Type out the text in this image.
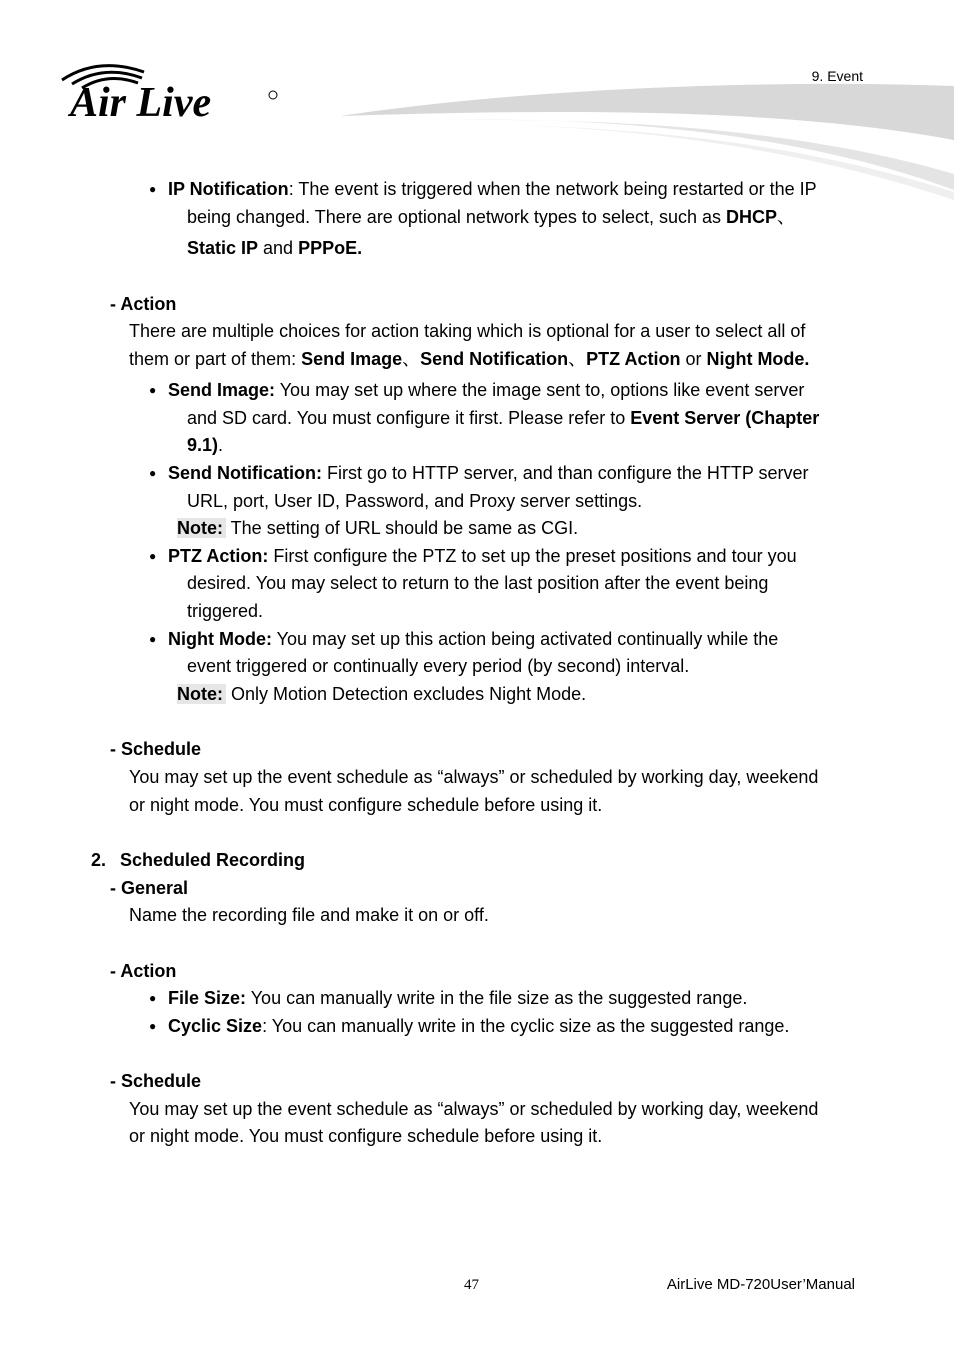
Air Live
9. Event
● IP Notification: The event is triggered when the network being restarted or the IP
being changed. There are optional network types to select, such as DHCP、
Static IP and PPPoE.
- Action
There are multiple choices for action taking which is optional for a user to select all of
them or part of them: Send Image、Send Notification、PTZ Action or Night Mode.
● Send Image: You may set up where the image sent to, options like event server
and SD card. You must configure it first. Please refer to Event Server (Chapter
9.1).
● Send Notification: First go to HTTP server, and than configure the HTTP server
URL, port, User ID, Password, and Proxy server settings.
Note: The setting of URL should be same as CGI.
● PTZ Action: First configure the PTZ to set up the preset positions and tour you
desired. You may select to return to the last position after the event being
triggered.
● Night Mode: You may set up this action being activated continually while the
event triggered or continually every period (by second) interval.
Note: Only Motion Detection excludes Night Mode.
- Schedule
You may set up the event schedule as “always” or scheduled by working day, weekend
or night mode. You must configure schedule before using it.
2. Scheduled Recording
- General
Name the recording file and make it on or off.
- Action
● File Size: You can manually write in the file size as the suggested range.
● Cyclic Size: You can manually write in the cyclic size as the suggested range.
- Schedule
You may set up the event schedule as “always” or scheduled by working day, weekend
or night mode. You must configure schedule before using it.
47	AirLive MD-720User’Manual
